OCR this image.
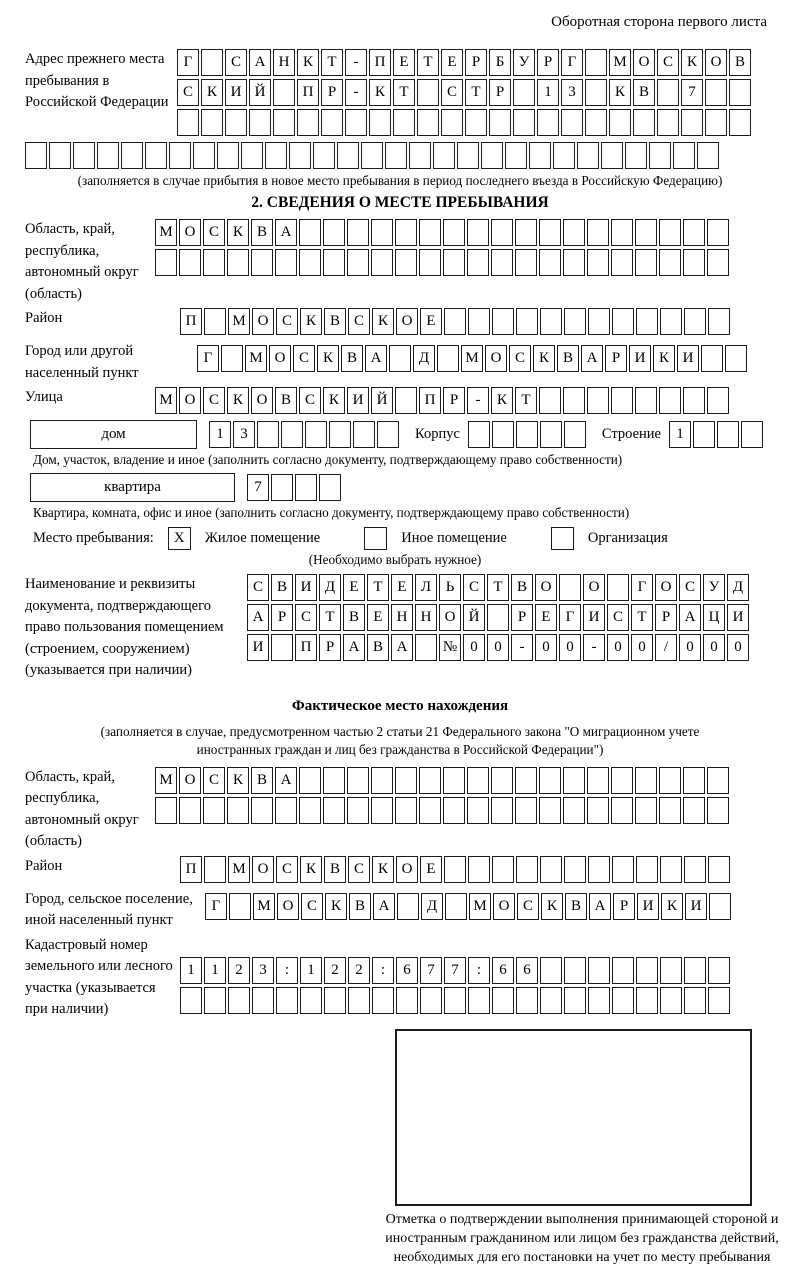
Оборотная сторона первого листа
Адрес прежнего места пребывания в Российской Федерации
Г	С А Н К Т - П Е Т Е Р Б У Р Г М О С К О В
С К И Й П Р - К Т	С Т Р	1 3	К В	7
(заполняется в случае прибытия в новое место пребывания в период последнего въезда в Российскую Федерацию)
2. СВЕДЕНИЯ О МЕСТЕ ПРЕБЫВАНИЯ
Область, край, республика, автономный округ (область)
М О С К В А
Район	П М О С К В С К О Е
Город или другой населенный пункт
Г М О С К В А Д М О С К В А Р И К И
Улица	М О С К О В С К И Й П Р - К Т
дом	1 3	Корпус	Строение	1
Дом, участок, владение и иное (заполнить согласно документу, подтверждающему право собственности)
квартира	7
Квартира, комната, офис и иное (заполнить согласно документу, подтверждающему право собственности)
Место пребывания:	X	Жилое помещение	Иное помещение	Организация
(Необходимо выбрать нужное)
Наименование и реквизиты документа, подтверждающего право пользования помещением (строением, сооружением) (указывается при наличии)
С В И Д Е Т Е Л Ь С Т В О О	Г О С У Д
А Р С Т В Е Н Н О Й	Р Е Г И С Т Р А Ц И
И П Р А В А № 0 0 - 0 0 - 0 0 / 0 0 0
Фактическое место нахождения
(заполняется в случае, предусмотренном частью 2 статьи 21 Федерального закона "О миграционном учете иностранных граждан и лиц без гражданства в Российской Федерации")
Область, край, республика, автономный округ (область)
М О С К В А
Район	П М О С К В С К О Е
Город, сельское поселение, иной населенный пункт
Г М О С К В А Д М О С К В А Р И К И
Кадастровый номер земельного или лесного участка (указывается при наличии)
1 1 2 3 : 1 2 2 : 6 7 7 : 6 6
Отметка о подтверждении выполнения принимающей стороной и иностранным гражданином или лицом без гражданства действий, необходимых для его постановки на учет по месту пребывания
